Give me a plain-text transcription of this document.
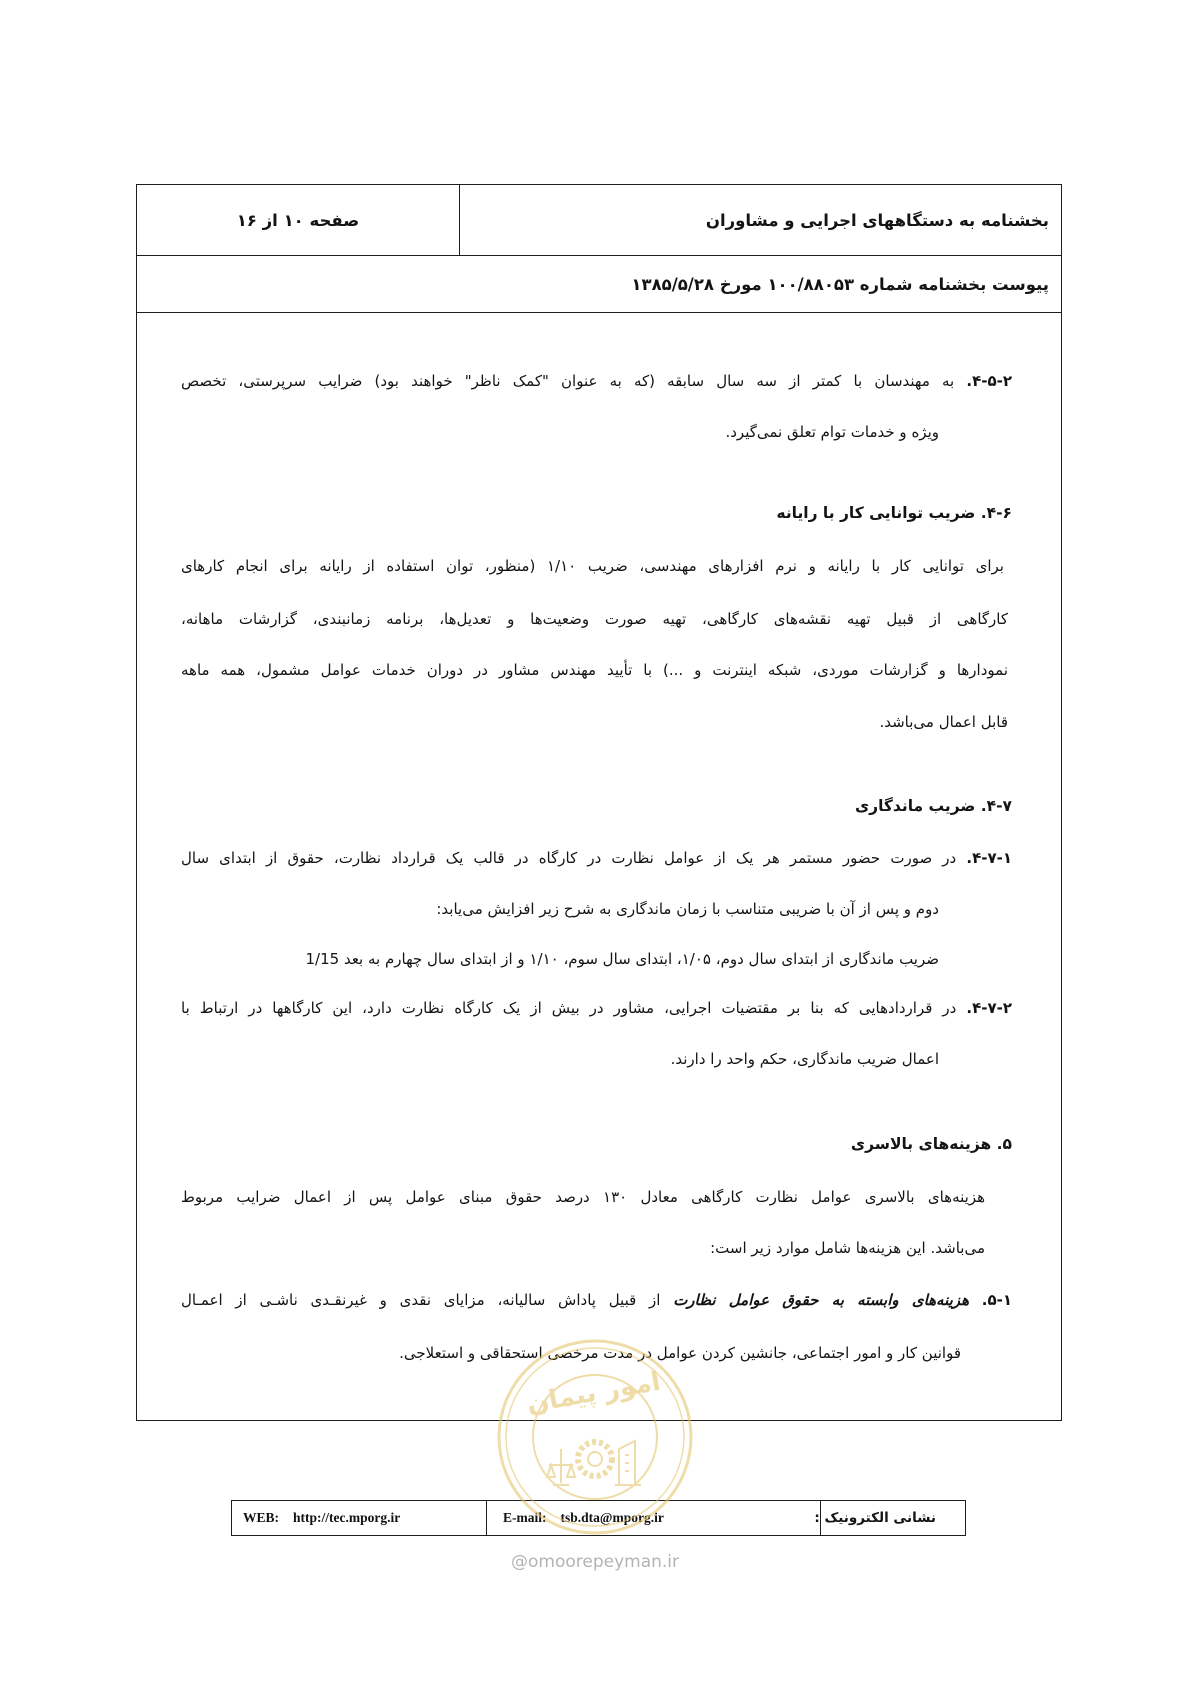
صفحه ۱۰ از ۱۶	بخشنامه به دستگاههای اجرایی و مشاوران
پیوست بخشنامه شماره ۱۰۰/۸۸۰۵۳ مورخ ۱۳۸۵/۵/۲۸
۴-۵-۲. به مهندسان با کمتر از سه سال سابقه (که به عنوان "کمک ناظر" خواهند بود) ضرایب سرپرستی، تخصص
ویژه و خدمات توام تعلق نمی‌گیرد.
۴-۶. ضریب توانایی کار با رایانه
برای توانایی کار با رایانه و نرم افزارهای مهندسی، ضریب ۱/۱۰ (منظور، توان استفاده از رایانه برای انجام کارهای
کارگاهی از قبیل تهیه نقشه‌های کارگاهی، تهیه صورت وضعیت‌ها و تعدیل‌ها، برنامه زمانبندی، گزارشات ماهانه،
نمودارها و گزارشات موردی، شبکه اینترنت و ...) با تأیید مهندس مشاور در دوران خدمات عوامل مشمول، همه ماهه
قابل اعمال می‌باشد.
۴-۷. ضریب ماندگاری
۴-۷-۱. در صورت حضور مستمر هر یک از عوامل نظارت در کارگاه در قالب یک قرارداد نظارت، حقوق از ابتدای سال
دوم و پس از آن با ضریبی متناسب با زمان ماندگاری به شرح زیر افزایش می‌یابد:
ضریب ماندگاری از ابتدای سال دوم، ۱/۰۵، ابتدای سال سوم، ۱/۱۰ و از ابتدای سال چهارم به بعد 1/15
۴-۷-۲. در قراردادهایی که بنا بر مقتضیات اجرایی، مشاور در بیش از یک کارگاه نظارت دارد، این کارگاهها در ارتباط با
اعمال ضریب ماندگاری، حکم واحد را دارند.
۵. هزینه‌های بالاسری
هزینه‌های بالاسری عوامل نظارت کارگاهی معادل ۱۳۰ درصد حقوق مبنای عوامل پس از اعمال ضرایب مربوط
می‌باشد. این هزینه‌ها شامل موارد زیر است:
۵-۱. هزینه‌های وابسته به حقوق عوامل نظارت از قبیل پاداش سالیانه، مزایای نقدی و غیرنقـدی ناشـی از اعمـال
قوانین کار و امور اجتماعی، جانشین کردن عوامل در مدت مرخصی استحقاقی و استعلاجی.
WEB: http://tec.mporg.ir	E-mail: tsb.dta@mporg.ir	نشانی الکترونیک :
امور پیمان
@omoorepeyman.ir
